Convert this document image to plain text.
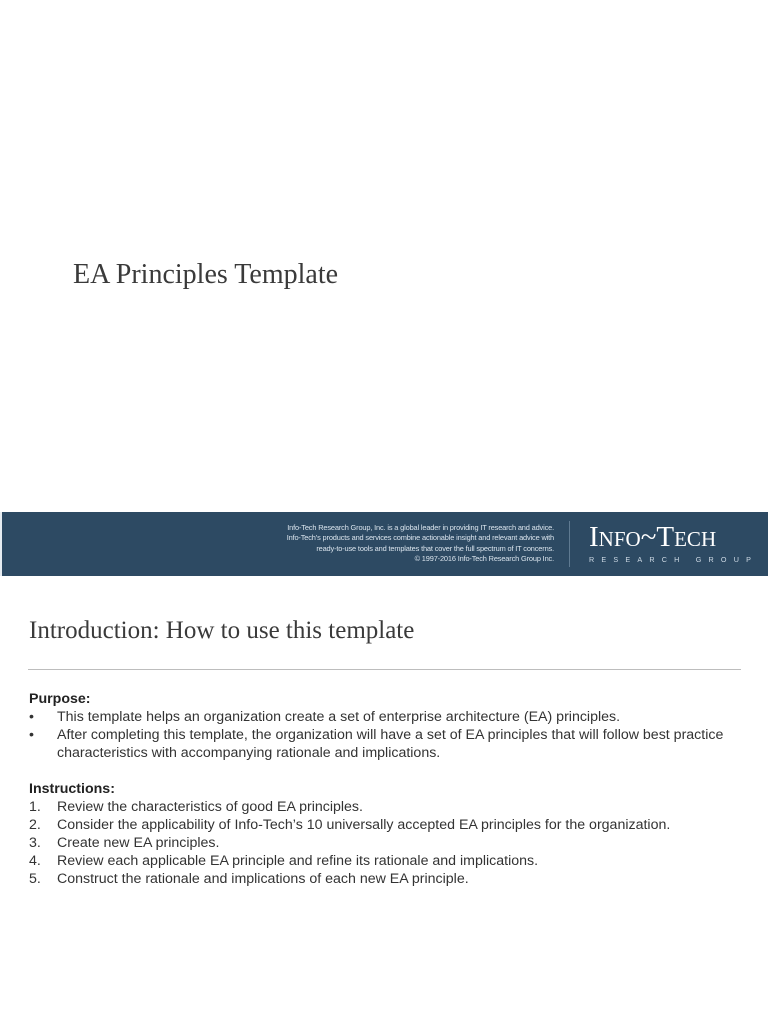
EA Principles Template
Info-Tech Research Group, Inc. is a global leader in providing IT research and advice.
Info-Tech’s products and services combine actionable insight and relevant advice with
ready-to-use tools and templates that cover the full spectrum of IT concerns.
© 1997-2016 Info-Tech Research Group Inc.
INFO~TECH
RESEARCH GROUP
Introduction: How to use this template
Purpose:
• This template helps an organization create a set of enterprise architecture (EA) principles.
• After completing this template, the organization will have a set of EA principles that will follow best practice characteristics with accompanying rationale and implications.
Instructions:
1. Review the characteristics of good EA principles.
2. Consider the applicability of Info-Tech’s 10 universally accepted EA principles for the organization.
3. Create new EA principles.
4. Review each applicable EA principle and refine its rationale and implications.
5. Construct the rationale and implications of each new EA principle.
